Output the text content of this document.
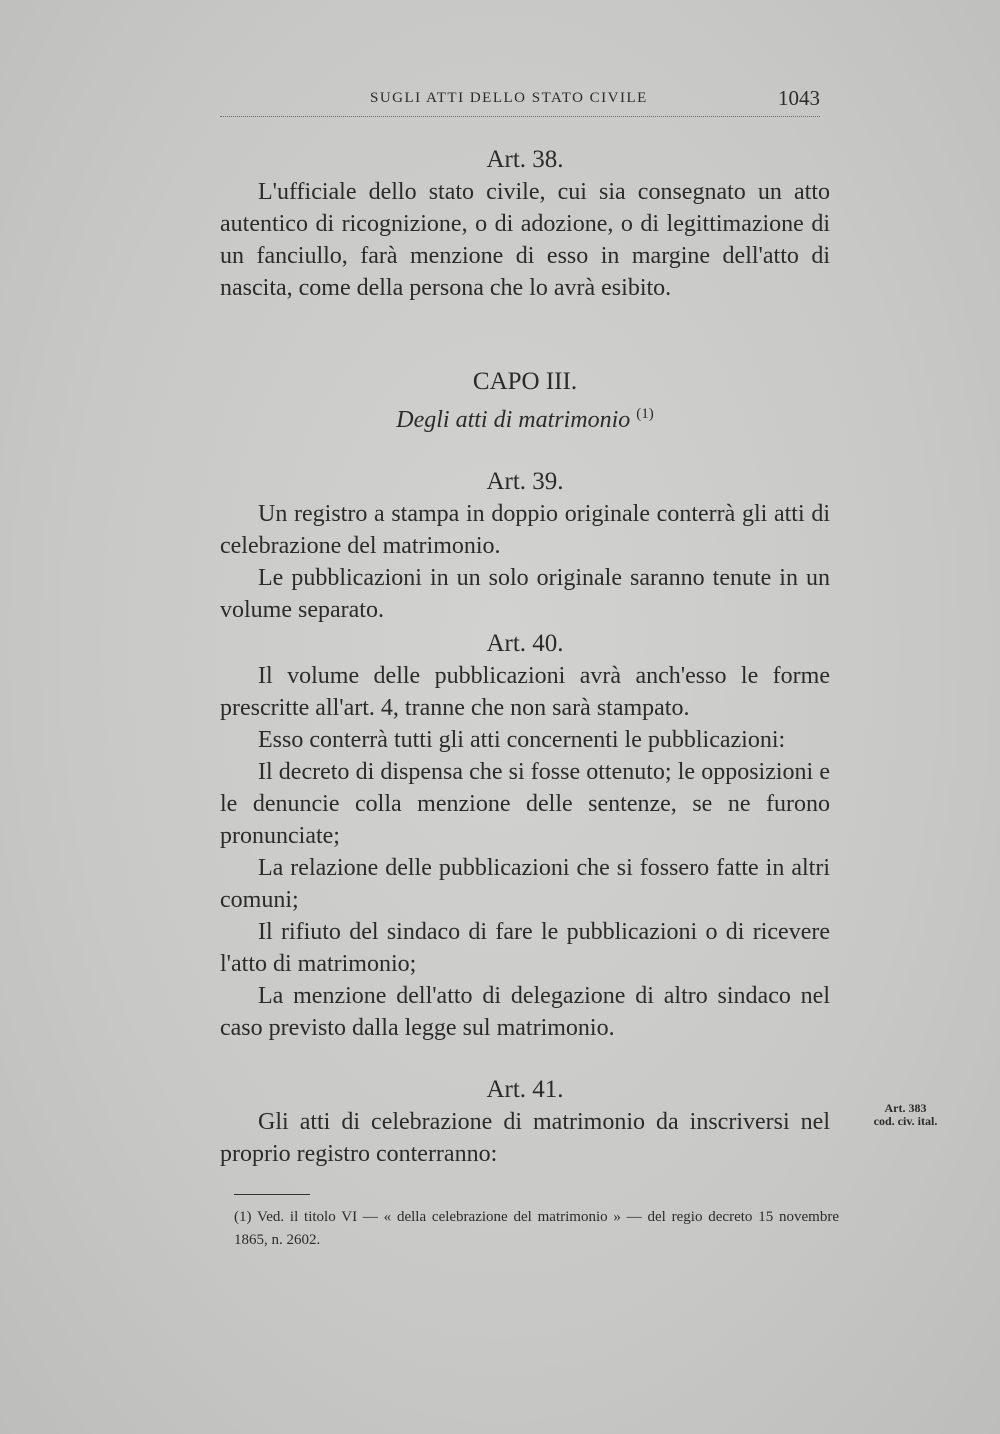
SUGLI ATTI DELLO STATO CIVILE	1043
Art. 38.

L'ufficiale dello stato civile, cui sia consegnato un atto autentico di ricognizione, o di adozione, o di legittimazione di un fanciullo, farà menzione di esso in margine dell'atto di nascita, come della persona che lo avrà esibito.

CAPO III.
Degli atti di matrimonio $^{(1)}$
Art. 39.

Un registro a stampa in doppio originale conterrà gli atti di celebrazione del matrimonio.

Le pubblicazioni in un solo originale saranno tenute in un volume separato.

Art. 40.

Il volume delle pubblicazioni avrà anch'esso le forme prescritte all'art. 4, tranne che non sarà stampato.

Esso conterrà tutti gli atti concernenti le pubblicazioni:

Il decreto di dispensa che si fosse ottenuto; le opposizioni e le denuncie colla menzione delle sentenze, se ne furono pronunciate;

La relazione delle pubblicazioni che si fossero fatte in altri comuni;

Il rifiuto del sindaco di fare le pubblicazioni o di ricevere l'atto di matrimonio;

La menzione dell'atto di delegazione di altro sindaco nel caso previsto dalla legge sul matrimonio.

Art. 41.

Gli atti di celebrazione di matrimonio da inscriversi nel proprio registro conterranno:

Art. 383
cod. civ. ital.

(1) Ved. il titolo VI — « della celebrazione del matrimonio » — del regio decreto 15 novembre 1865, n. 2602.
